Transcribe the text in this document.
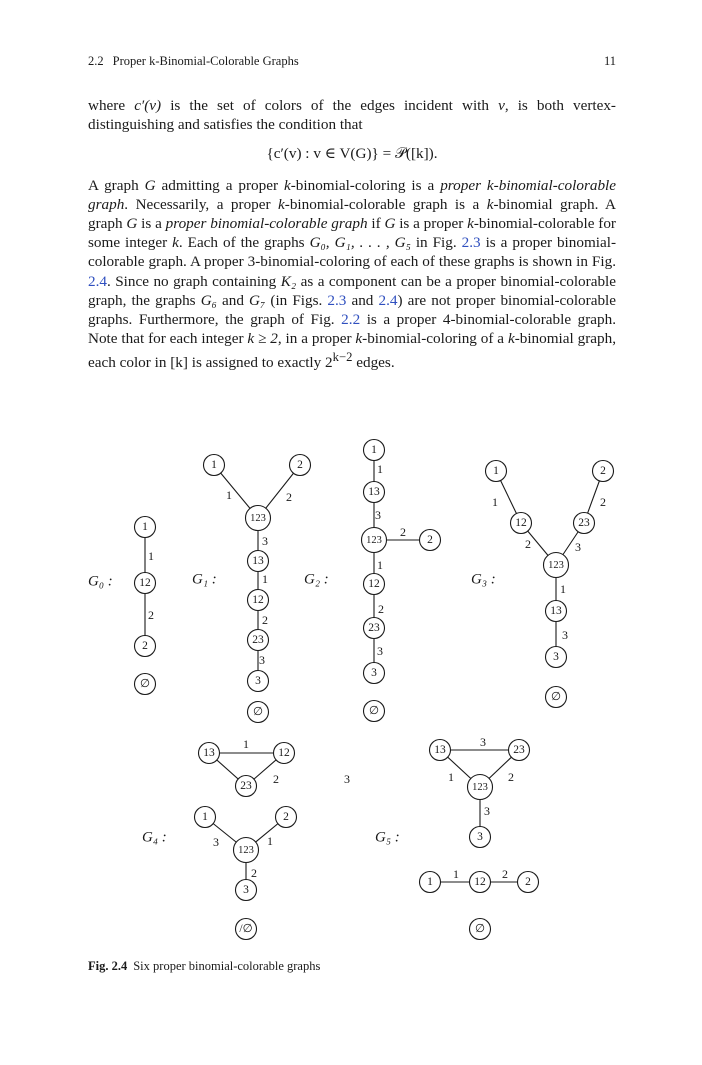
2.2 Proper k-Binomial-Colorable Graphs	11

where c′(v) is the set of colors of the edges incident with v, is both vertex-distinguishing and satisfies the condition that

{c′(v) : v ∈ V(G)} = 𝒫([k]).

A graph G admitting a proper k-binomial-coloring is a proper k-binomial-colorable graph. Necessarily, a proper k-binomial-colorable graph is a k-binomial graph. A graph G is a proper binomial-colorable graph if G is a proper k-binomial-colorable for some integer k. Each of the graphs G₀, G₁, . . . , G₅ in Fig. 2.3 is a proper binomial-colorable graph. A proper 3-binomial-coloring of each of these graphs is shown in Fig. 2.4. Since no graph containing K₂ as a component can be a proper binomial-colorable graph, the graphs G₆ and G₇ (in Figs. 2.3 and 2.4) are not proper binomial-colorable graphs. Furthermore, the graph of Fig. 2.2 is a proper 4-binomial-colorable graph. Note that for each integer k ≥ 2, in a proper k-binomial-coloring of a k-binomial graph, each color in [k] is assigned to exactly $2^{k-2}$ edges.

1
2
1	2
3
1
2
3
1
3
2
1
2
3
1	2
2	3
1
3
1
2
3	1
2
3
3
1	2
3
1	2
1
12
2
∅
1	2
123
13
12
23
3
∅
1
13
123	2
12
23
3
∅
1	2
12	23
123
13
3
∅
13	12
23
1	2
123
3
/∅
13	23
123
3
1	12	2
∅
G₀ :	G₁ :	G₂ :	G₃ :
G₄ :	G₅ :
Fig. 2.4 Six proper binomial-colorable graphs
